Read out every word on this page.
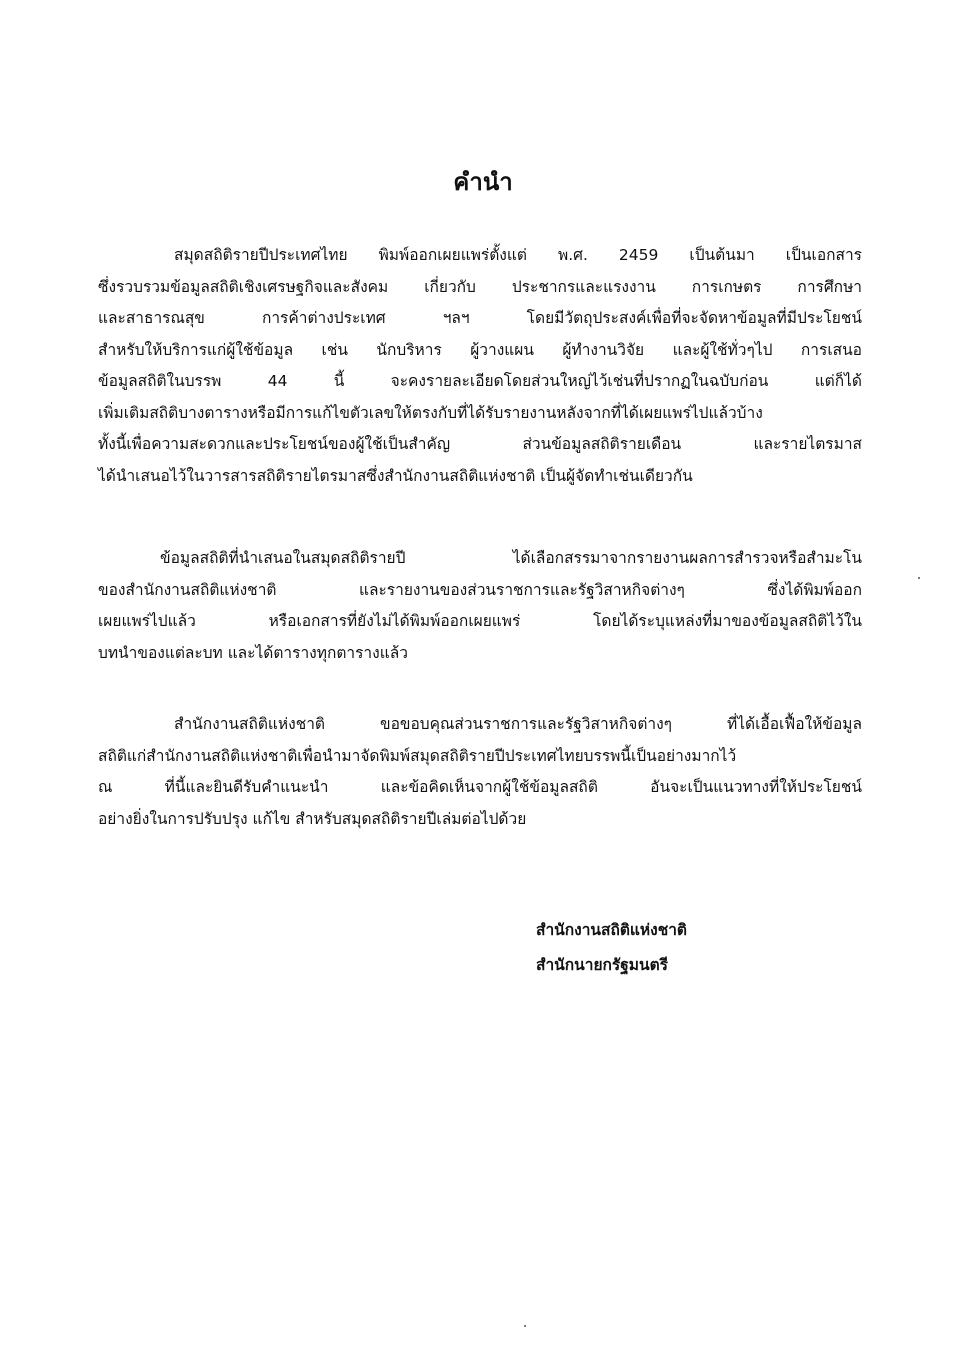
คำนำ
สมุดสถิติรายปีประเทศไทย พิมพ์ออกเผยแพร่ตั้งแต่ พ.ศ. 2459 เป็นต้นมา เป็นเอกสาร
ซึ่งรวบรวมข้อมูลสถิติเชิงเศรษฐกิจและสังคม เกี่ยวกับ ประชากรและแรงงาน การเกษตร การศึกษา
และสาธารณสุข การค้าต่างประเทศ ฯลฯ โดยมีวัตถุประสงค์เพื่อที่จะจัดหาข้อมูลที่มีประโยชน์
สำหรับให้บริการแก่ผู้ใช้ข้อมูล เช่น นักบริหาร ผู้วางแผน ผู้ทำงานวิจัย และผู้ใช้ทั่วๆไป การเสนอ
ข้อมูลสถิติในบรรพ 44 นี้ จะคงรายละเอียดโดยส่วนใหญ่ไว้เช่นที่ปรากฏในฉบับก่อน แต่ก็ได้
เพิ่มเติมสถิติบางตารางหรือมีการแก้ไขตัวเลขให้ตรงกับที่ได้รับรายงานหลังจากที่ได้เผยแพร่ไปแล้วบ้าง
ทั้งนี้เพื่อความสะดวกและประโยชน์ของผู้ใช้เป็นสำคัญ ส่วนข้อมูลสถิติรายเดือน และรายไตรมาส
ได้นำเสนอไว้ในวารสารสถิติรายไตรมาสซึ่งสำนักงานสถิติแห่งชาติ เป็นผู้จัดทำเช่นเดียวกัน
ข้อมูลสถิติที่นำเสนอในสมุดสถิติรายปี ได้เลือกสรรมาจากรายงานผลการสำรวจหรือสำมะโน
ของสำนักงานสถิติแห่งชาติ และรายงานของส่วนราชการและรัฐวิสาหกิจต่างๆ ซึ่งได้พิมพ์ออก
เผยแพร่ไปแล้ว หรือเอกสารที่ยังไม่ได้พิมพ์ออกเผยแพร่ โดยได้ระบุแหล่งที่มาของข้อมูลสถิติไว้ใน
บทนำของแต่ละบท และได้ตารางทุกตารางแล้ว
สำนักงานสถิติแห่งชาติ ขอขอบคุณส่วนราชการและรัฐวิสาหกิจต่างๆ ที่ได้เอื้อเฟื้อให้ข้อมูล
สถิติแก่สำนักงานสถิติแห่งชาติเพื่อนำมาจัดพิมพ์สมุดสถิติรายปีประเทศไทยบรรพนี้เป็นอย่างมากไว้
ณ ที่นี้และยินดีรับคำแนะนำ และข้อคิดเห็นจากผู้ใช้ข้อมูลสถิติ อันจะเป็นแนวทางที่ให้ประโยชน์
อย่างยิ่งในการปรับปรุง แก้ไข สำหรับสมุดสถิติรายปีเล่มต่อไปด้วย
สำนักงานสถิติแห่งชาติ
สำนักนายกรัฐมนตรี
